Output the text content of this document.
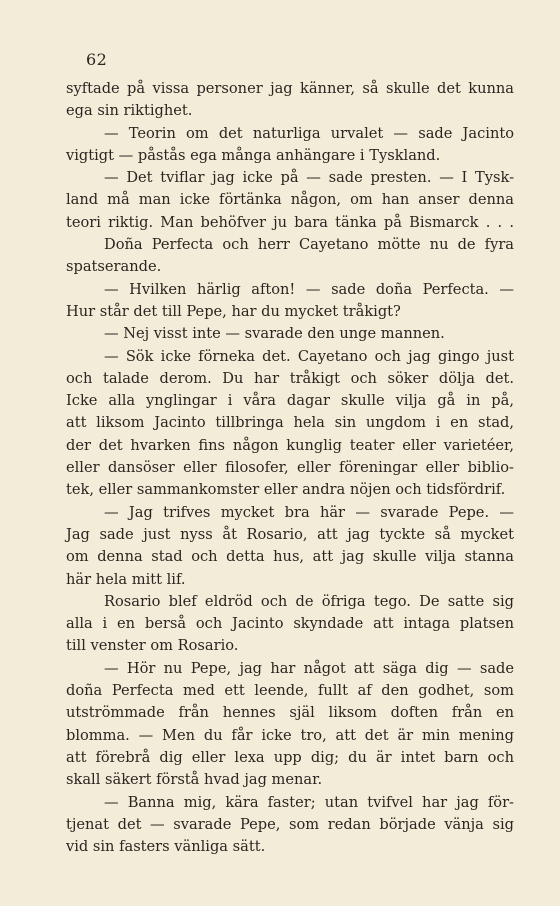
62
syftade på vissa personer jag känner, så skulle det kunna
ega sin riktighet.
— Teorin om det naturliga urvalet — sade Jacinto
vigtigt — påstås ega många anhängare i Tyskland.
— Det tviflar jag icke på — sade presten. — I Tysk-
land må man icke förtänka någon, om han anser denna
teori riktig. Man behöfver ju bara tänka på Bismarck . . .
Doña Perfecta och herr Cayetano mötte nu de fyra
spatserande.
— Hvilken härlig afton! — sade doña Perfecta. —
Hur står det till Pepe, har du mycket tråkigt?
— Nej visst inte — svarade den unge mannen.
— Sök icke förneka det. Cayetano och jag gingo just
och talade derom. Du har tråkigt och söker dölja det.
Icke alla ynglingar i våra dagar skulle vilja gå in på,
att liksom Jacinto tillbringa hela sin ungdom i en stad,
der det hvarken fins någon kunglig teater eller varietéer,
eller dansöser eller filosofer, eller föreningar eller biblio-
tek, eller sammankomster eller andra nöjen och tidsfördrif.
— Jag trifves mycket bra här — svarade Pepe. —
Jag sade just nyss åt Rosario, att jag tyckte så mycket
om denna stad och detta hus, att jag skulle vilja stanna
här hela mitt lif.
Rosario blef eldröd och de öfriga tego. De satte sig
alla i en berså och Jacinto skyndade att intaga platsen
till venster om Rosario.
— Hör nu Pepe, jag har något att säga dig — sade
doña Perfecta med ett leende, fullt af den godhet, som
utströmmade från hennes själ liksom doften från en
blomma. — Men du får icke tro, att det är min mening
att förebrå dig eller lexa upp dig; du är intet barn och
skall säkert förstå hvad jag menar.
— Banna mig, kära faster; utan tvifvel har jag för-
tjenat det — svarade Pepe, som redan började vänja sig
vid sin fasters vänliga sätt.
